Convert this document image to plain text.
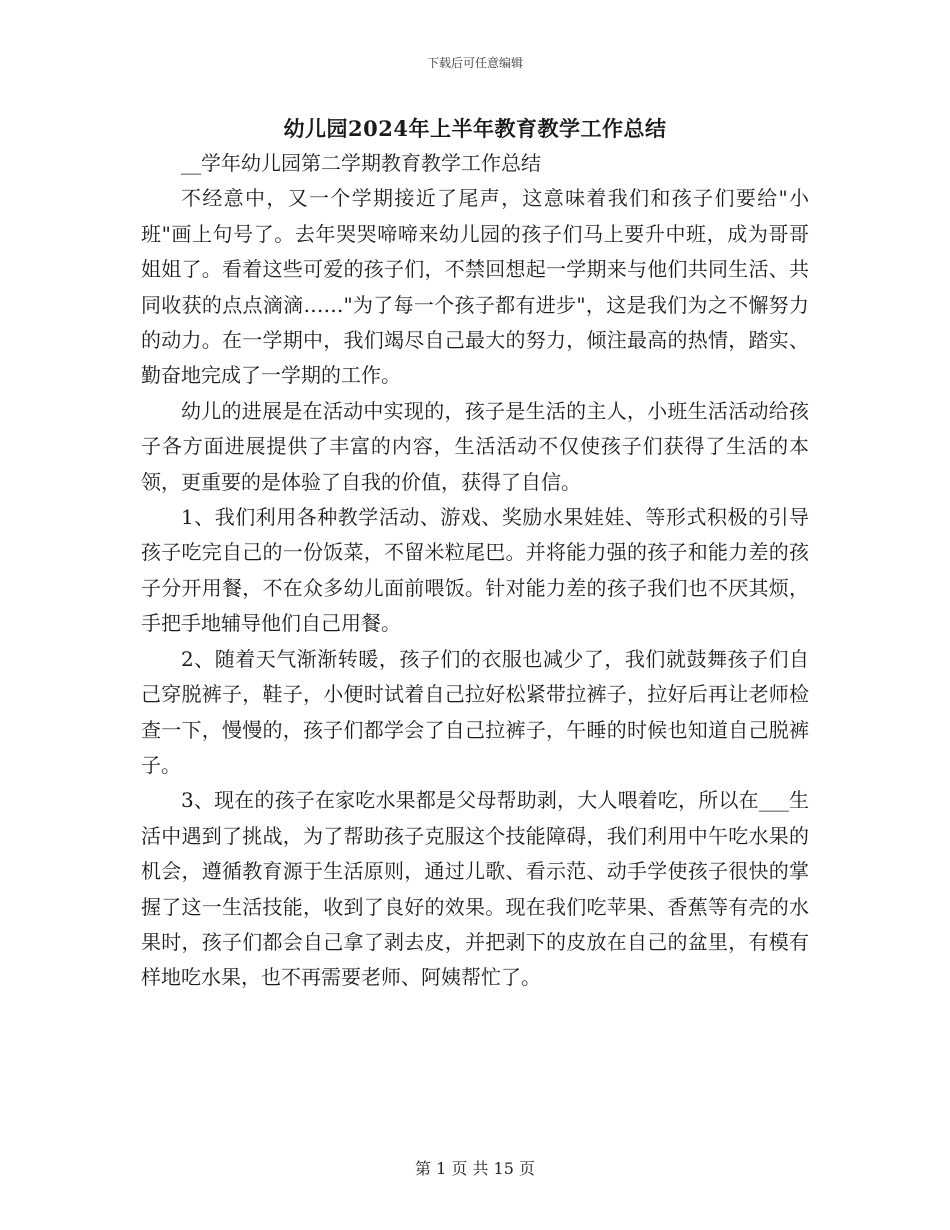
下载后可任意编辑
幼儿园2024年上半年教育教学工作总结

__学年幼儿园第二学期教育教学工作总结

不经意中，又一个学期接近了尾声，这意味着我们和孩子们要给"小班"画上句号了。去年哭哭啼啼来幼儿园的孩子们马上要升中班，成为哥哥姐姐了。看着这些可爱的孩子们，不禁回想起一学期来与他们共同生活、共同收获的点点滴滴……"为了每一个孩子都有进步"，这是我们为之不懈努力的动力。在一学期中，我们竭尽自己最大的努力，倾注最高的热情，踏实、勤奋地完成了一学期的工作。

幼儿的进展是在活动中实现的，孩子是生活的主人，小班生活活动给孩子各方面进展提供了丰富的内容，生活活动不仅使孩子们获得了生活的本领，更重要的是体验了自我的价值，获得了自信。

1、我们利用各种教学活动、游戏、奖励水果娃娃、等形式积极的引导孩子吃完自己的一份饭菜，不留米粒尾巴。并将能力强的孩子和能力差的孩子分开用餐，不在众多幼儿面前喂饭。针对能力差的孩子我们也不厌其烦，手把手地辅导他们自己用餐。

2、随着天气渐渐转暖，孩子们的衣服也减少了，我们就鼓舞孩子们自己穿脱裤子，鞋子，小便时试着自己拉好松紧带拉裤子，拉好后再让老师检查一下，慢慢的，孩子们都学会了自己拉裤子，午睡的时候也知道自己脱裤子。

3、现在的孩子在家吃水果都是父母帮助剥，大人喂着吃，所以在___生活中遇到了挑战，为了帮助孩子克服这个技能障碍，我们利用中午吃水果的机会，遵循教育源于生活原则，通过儿歌、看示范、动手学使孩子很快的掌握了这一生活技能，收到了良好的效果。现在我们吃苹果、香蕉等有壳的水果时，孩子们都会自己拿了剥去皮，并把剥下的皮放在自己的盆里，有模有样地吃水果，也不再需要老师、阿姨帮忙了。

第 1 页 共 15 页
